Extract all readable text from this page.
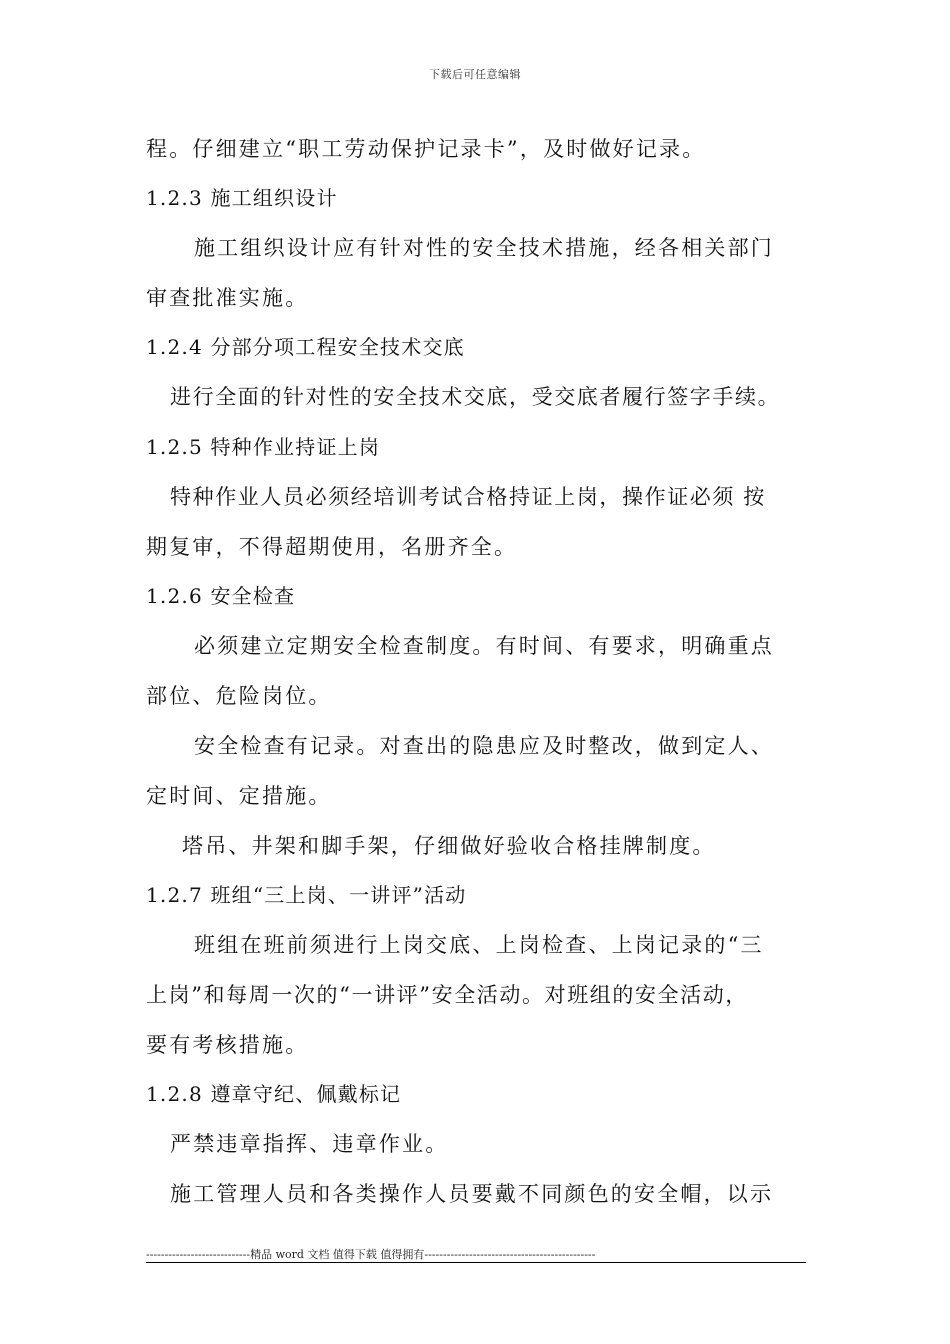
下载后可任意编辑
程。仔细建立“职工劳动保护记录卡”，及时做好记录。
1.2.3 施工组织设计
施工组织设计应有针对性的安全技术措施，经各相关部门
审查批准实施。
1.2.4 分部分项工程安全技术交底
进行全面的针对性的安全技术交底，受交底者履行签字手续。
1.2.5 特种作业持证上岗
特种作业人员必须经培训考试合格持证上岗，操作证必须 按
期复审，不得超期使用，名册齐全。
1.2.6 安全检查
必须建立定期安全检查制度。有时间、有要求，明确重点
部位、危险岗位。
安全检查有记录。对查出的隐患应及时整改，做到定人、
定时间、定措施。
塔吊、井架和脚手架，仔细做好验收合格挂牌制度。
1.2.7 班组“三上岗、一讲评”活动
班组在班前须进行上岗交底、上岗检查、上岗记录的“三
上岗”和每周一次的“一讲评”安全活动。对班组的安全活动，
要有考核措施。
1.2.8 遵章守纪、佩戴标记
严禁违章指挥、违章作业。
施工管理人员和各类操作人员要戴不同颜色的安全帽，以示
----------------------------精品 word 文档 值得下载 值得拥有----------------------------------------------
